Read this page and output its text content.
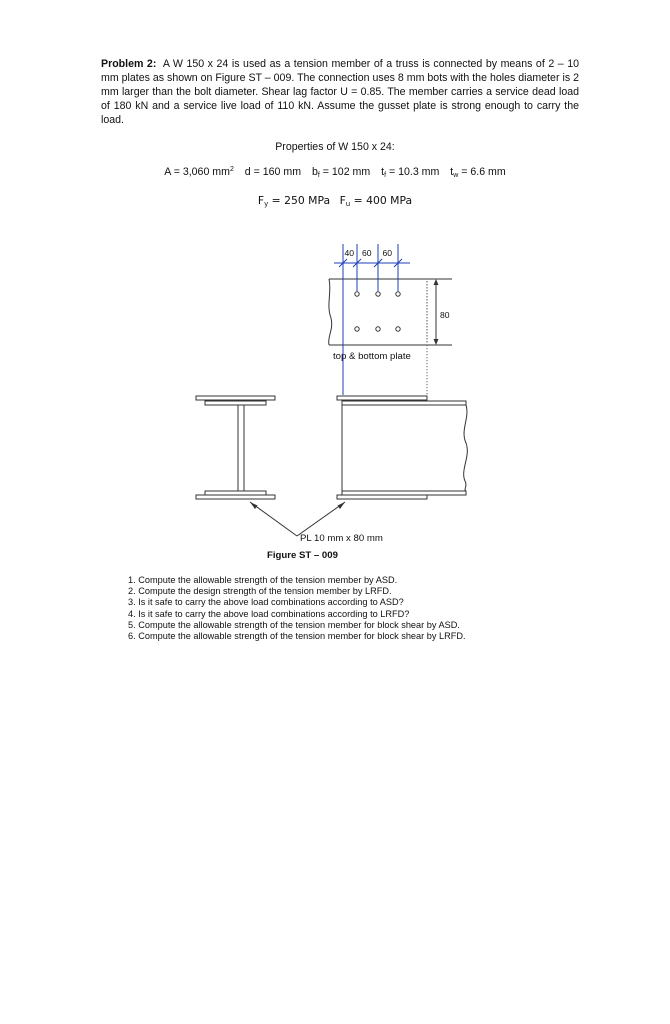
Problem 2: A W 150 x 24 is used as a tension member of a truss is connected by means of 2 – 10 mm plates as shown on Figure ST – 009. The connection uses 8 mm bots with the holes diameter is 2 mm larger than the bolt diameter. Shear lag factor U = 0.85. The member carries a service dead load of 180 kN and a service live load of 110 kN. Assume the gusset plate is strong enough to carry the load.

Properties of W 150 x 24:
A = 3,060 $mm^2$ d = 160 mm $b_f = 102$ mm $t_f = 10.3$ mm $t_w = 6.6$ mm
$F_y = 250$ MPa $F_u = 400$ MPa
40 60 60
80
top & bottom plate
PL 10 mm x 80 mm
Figure ST – 009
1. Compute the allowable strength of the tension member by ASD.
2. Compute the design strength of the tension member by LRFD.
3. Is it safe to carry the above load combinations according to ASD?
4. Is it safe to carry the above load combinations according to LRFD?
5. Compute the allowable strength of the tension member for block shear by ASD.
6. Compute the allowable strength of the tension member for block shear by LRFD.
